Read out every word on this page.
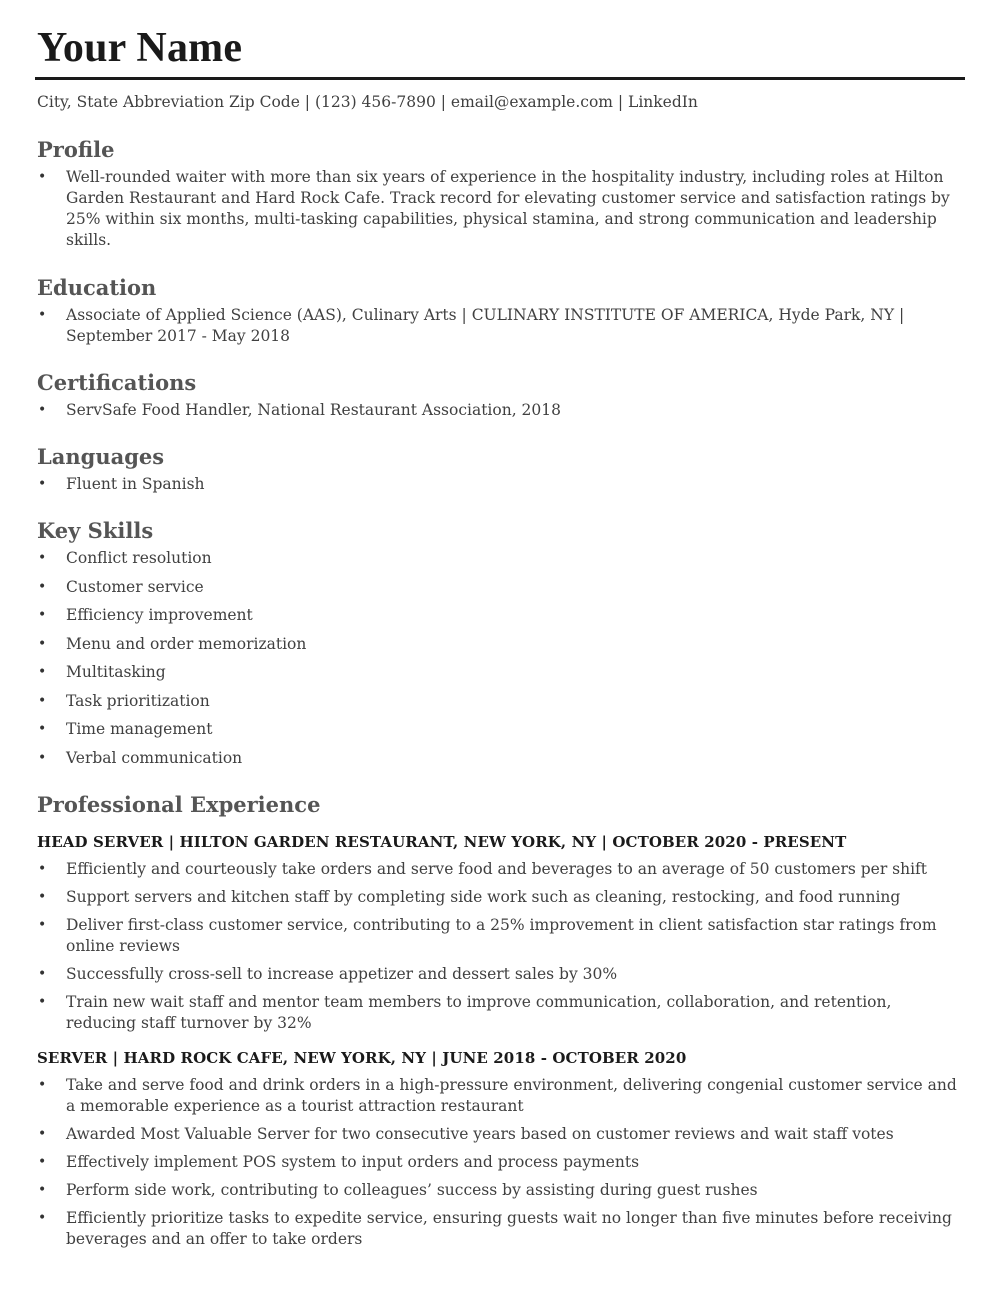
Your Name
City, State Abbreviation Zip Code | (123) 456-7890 | email@example.com | LinkedIn
Profile
• Well-rounded waiter with more than six years of experience in the hospitality industry, including roles at Hilton Garden Restaurant and Hard Rock Cafe. Track record for elevating customer service and satisfaction ratings by 25% within six months, multi-tasking capabilities, physical stamina, and strong communication and leadership skills.
Education
• Associate of Applied Science (AAS), Culinary Arts | CULINARY INSTITUTE OF AMERICA, Hyde Park, NY | September 2017 - May 2018
Certifications
• ServSafe Food Handler, National Restaurant Association, 2018
Languages
• Fluent in Spanish
Key Skills
• Conflict resolution
• Customer service
• Efficiency improvement
• Menu and order memorization
• Multitasking
• Task prioritization
• Time management
• Verbal communication
Professional Experience
HEAD SERVER | HILTON GARDEN RESTAURANT, NEW YORK, NY | OCTOBER 2020 - PRESENT
• Efficiently and courteously take orders and serve food and beverages to an average of 50 customers per shift
• Support servers and kitchen staff by completing side work such as cleaning, restocking, and food running
• Deliver first-class customer service, contributing to a 25% improvement in client satisfaction star ratings from online reviews
• Successfully cross-sell to increase appetizer and dessert sales by 30%
• Train new wait staff and mentor team members to improve communication, collaboration, and retention, reducing staff turnover by 32%
SERVER | HARD ROCK CAFE, NEW YORK, NY | JUNE 2018 - OCTOBER 2020
• Take and serve food and drink orders in a high-pressure environment, delivering congenial customer service and a memorable experience as a tourist attraction restaurant
• Awarded Most Valuable Server for two consecutive years based on customer reviews and wait staff votes
• Effectively implement POS system to input orders and process payments
• Perform side work, contributing to colleagues’ success by assisting during guest rushes
• Efficiently prioritize tasks to expedite service, ensuring guests wait no longer than five minutes before receiving beverages and an offer to take orders
